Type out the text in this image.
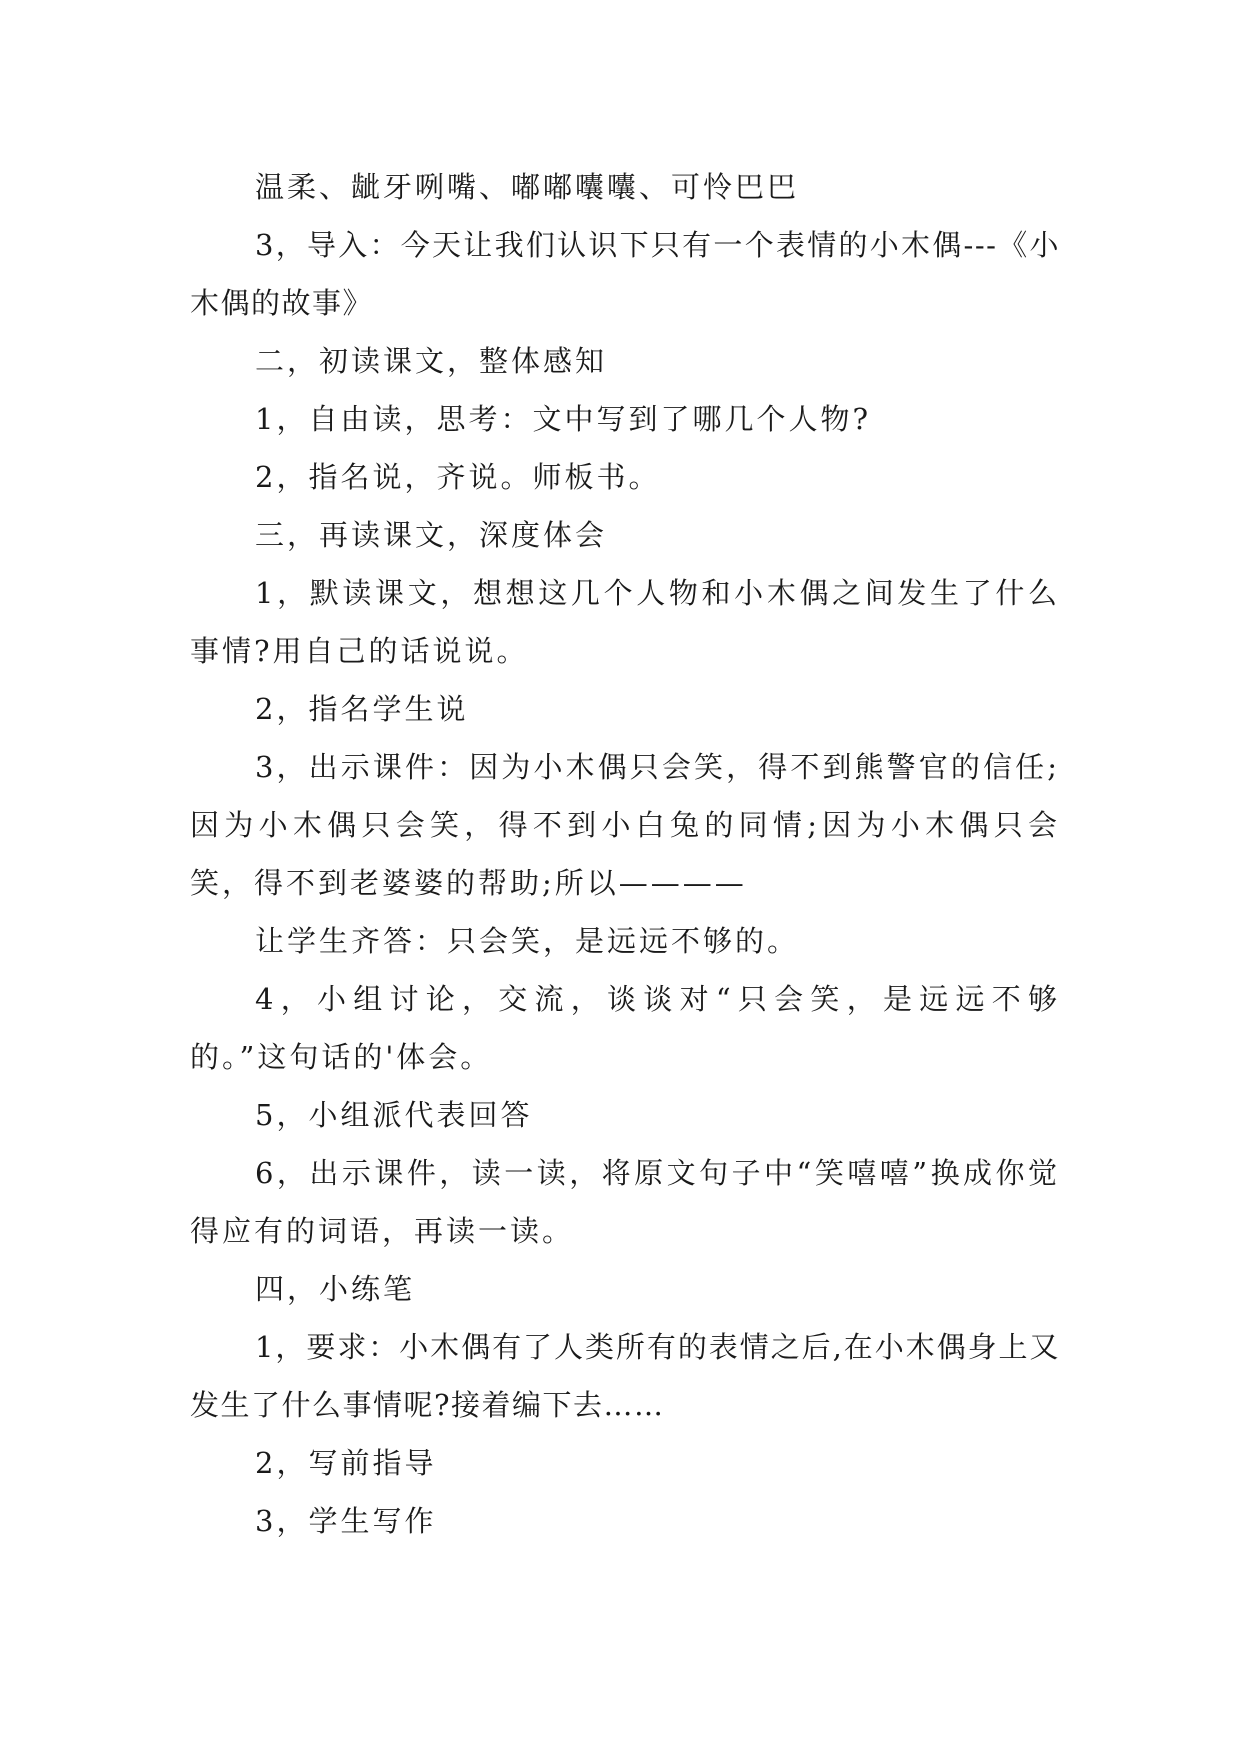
温柔、龇牙咧嘴、嘟嘟囔囔、可怜巴巴

3，导入：今天让我们认识下只有一个表情的小木偶---《小木偶的故事》

二，初读课文，整体感知

1，自由读，思考：文中写到了哪几个人物?

2，指名说，齐说。师板书。

三，再读课文，深度体会

1，默读课文，想想这几个人物和小木偶之间发生了什么事情?用自己的话说说。

2，指名学生说

3，出示课件：因为小木偶只会笑，得不到熊警官的信任;因为小木偶只会笑，得不到小白兔的同情;因为小木偶只会笑，得不到老婆婆的帮助;所以————

让学生齐答：只会笑，是远远不够的。

4，小组讨论，交流，谈谈对“只会笑，是远远不够的。”这句话的'体会。

5，小组派代表回答

6，出示课件，读一读，将原文句子中“笑嘻嘻”换成你觉得应有的词语，再读一读。

四，小练笔

1，要求：小木偶有了人类所有的表情之后,在小木偶身上又发生了什么事情呢?接着编下去……

2，写前指导

3，学生写作
